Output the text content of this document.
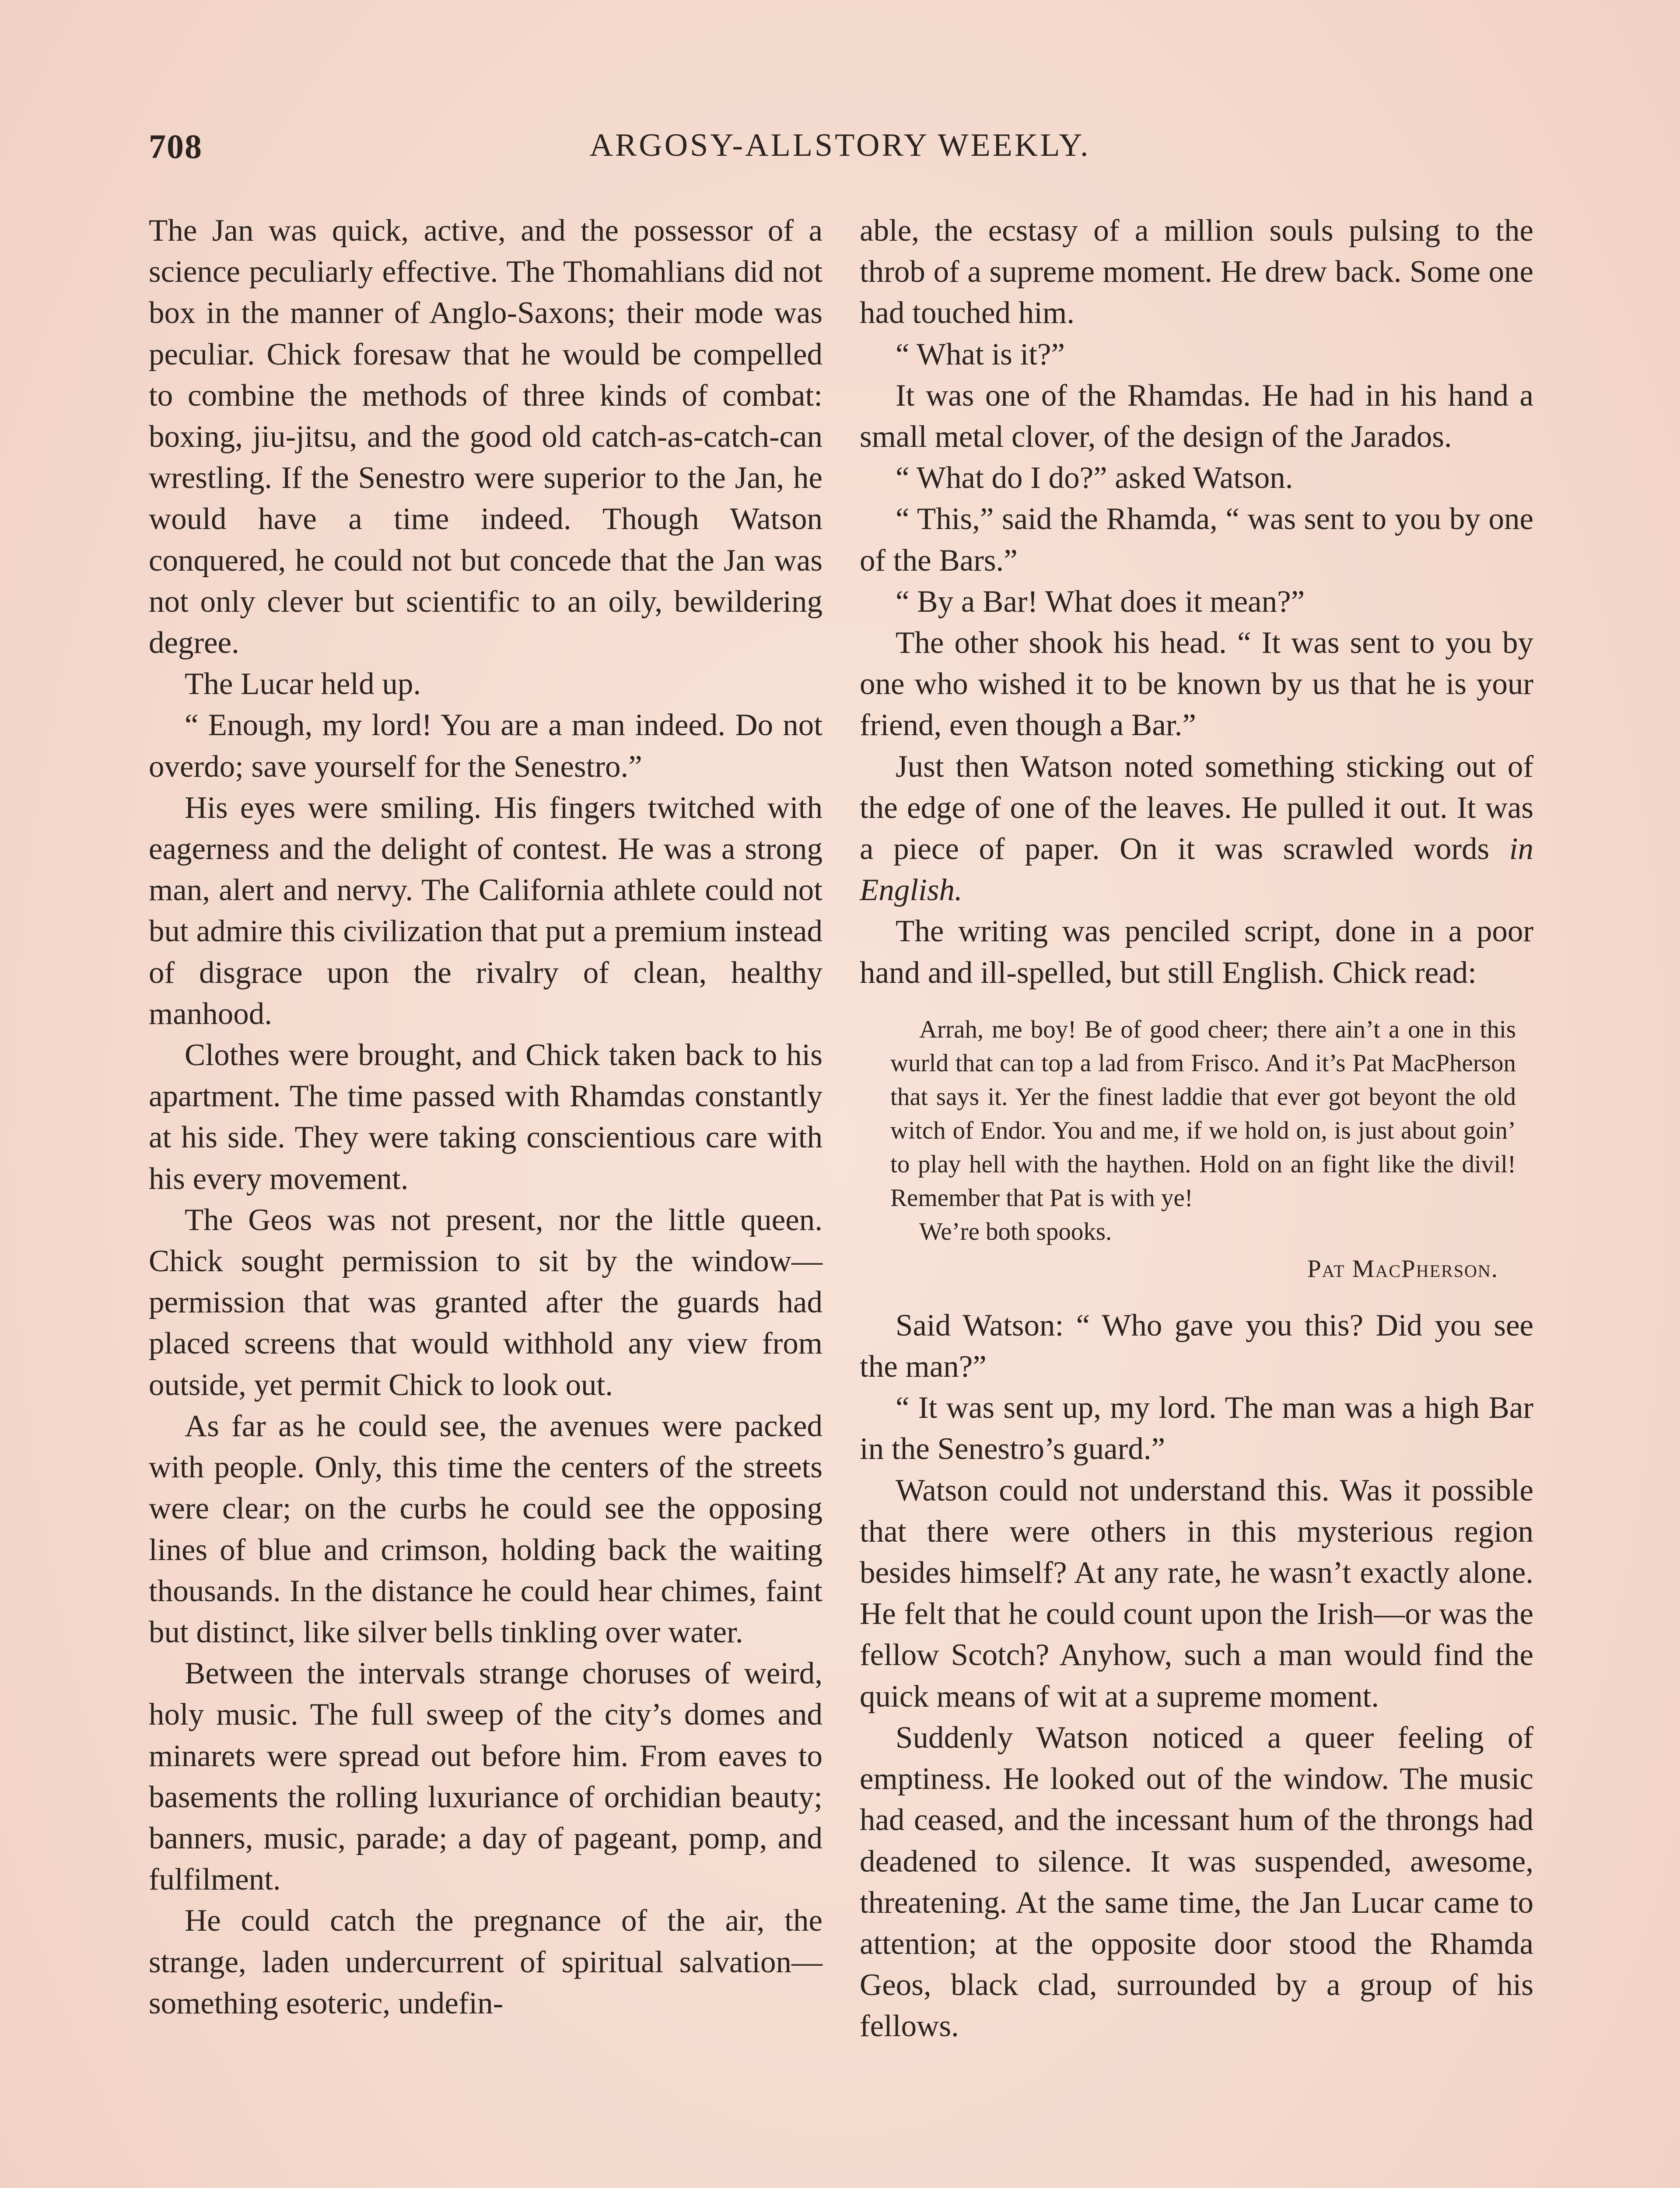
708	ARGOSY-ALLSTORY WEEKLY.

The Jan was quick, active, and the possessor of a science peculiarly effective. The Thomahlians did not box in the manner of Anglo-Saxons; their mode was peculiar. Chick foresaw that he would be compelled to combine the methods of three kinds of combat: boxing, jiu-jitsu, and the good old catch-as-catch-can wrestling. If the Senestro were superior to the Jan, he would have a time indeed. Though Watson conquered, he could not but concede that the Jan was not only clever but scientific to an oily, bewildering degree.

The Lucar held up.

“ Enough, my lord! You are a man indeed. Do not overdo; save yourself for the Senestro.”

His eyes were smiling. His fingers twitched with eagerness and the delight of contest. He was a strong man, alert and nervy. The California athlete could not but admire this civilization that put a premium instead of disgrace upon the rivalry of clean, healthy manhood.

Clothes were brought, and Chick taken back to his apartment. The time passed with Rhamdas constantly at his side. They were taking conscientious care with his every movement.

The Geos was not present, nor the little queen. Chick sought permission to sit by the window—permission that was granted after the guards had placed screens that would withhold any view from outside, yet permit Chick to look out.

As far as he could see, the avenues were packed with people. Only, this time the centers of the streets were clear; on the curbs he could see the opposing lines of blue and crimson, holding back the waiting thousands. In the distance he could hear chimes, faint but distinct, like silver bells tinkling over water.

Between the intervals strange choruses of weird, holy music. The full sweep of the city’s domes and minarets were spread out before him. From eaves to basements the rolling luxuriance of orchidian beauty; banners, music, parade; a day of pageant, pomp, and fulfilment.

He could catch the pregnance of the air, the strange, laden undercurrent of spiritual salvation—something esoteric, undefin-

able, the ecstasy of a million souls pulsing to the throb of a supreme moment. He drew back. Some one had touched him.

“ What is it?”

It was one of the Rhamdas. He had in his hand a small metal clover, of the design of the Jarados.

“ What do I do?” asked Watson.

“ This,” said the Rhamda, “ was sent to you by one of the Bars.”

“ By a Bar! What does it mean?”

The other shook his head. “ It was sent to you by one who wished it to be known by us that he is your friend, even though a Bar.”

Just then Watson noted something sticking out of the edge of one of the leaves. He pulled it out. It was a piece of paper. On it was scrawled words in English.

The writing was penciled script, done in a poor hand and ill-spelled, but still English. Chick read:

Arrah, me boy! Be of good cheer; there ain’t a one in this wurld that can top a lad from Frisco. And it’s Pat MacPherson that says it. Yer the finest laddie that ever got beyont the old witch of Endor. You and me, if we hold on, is just about goin’ to play hell with the haythen. Hold on an fight like the divil! Remember that Pat is with ye!

We’re both spooks.

Pat MacPherson.

Said Watson: “ Who gave you this? Did you see the man?”

“ It was sent up, my lord. The man was a high Bar in the Senestro’s guard.”

Watson could not understand this. Was it possible that there were others in this mysterious region besides himself? At any rate, he wasn’t exactly alone. He felt that he could count upon the Irish—or was the fellow Scotch? Anyhow, such a man would find the quick means of wit at a supreme moment.

Suddenly Watson noticed a queer feeling of emptiness. He looked out of the window. The music had ceased, and the incessant hum of the throngs had deadened to silence. It was suspended, awesome, threatening. At the same time, the Jan Lucar came to attention; at the opposite door stood the Rhamda Geos, black clad, surrounded by a group of his fellows.
